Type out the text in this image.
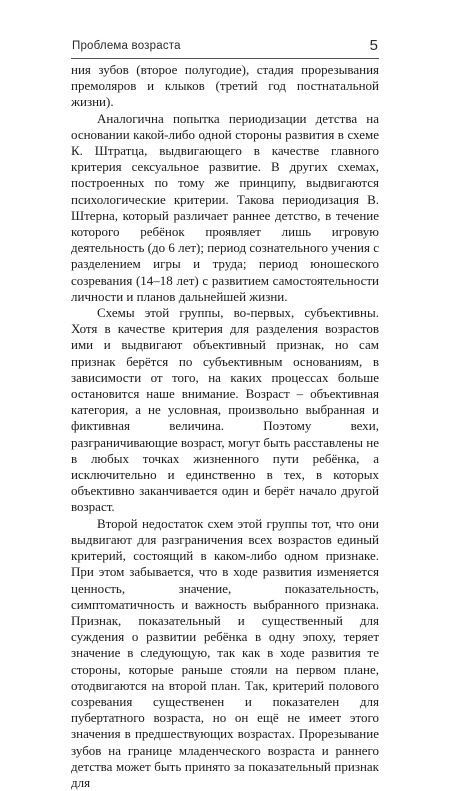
Проблема возраста	5

ния зубов (второе полугодие), стадия прорезывания премоляров и клыков (третий год постнатальной жизни).

Аналогична попытка периодизации детства на основании какой-либо одной стороны развития в схеме К. Штратца, выдвигающего в качестве главного критерия сексуальное развитие. В других схемах, построенных по тому же принципу, выдвигаются психологические критерии. Такова периодизация В. Штерна, который различает раннее детство, в течение которого ребёнок проявляет лишь игровую деятельность (до 6 лет); период сознательного учения с разделением игры и труда; период юношеского созревания (14–18 лет) с развитием самостоятельности личности и планов дальнейшей жизни.

Схемы этой группы, во-первых, субъективны. Хотя в качестве критерия для разделения возрастов ими и выдвигают объективный признак, но сам признак берётся по субъективным основаниям, в зависимости от того, на каких процессах больше остановится наше внимание. Возраст – объективная категория, а не условная, произвольно выбранная и фиктивная величина. Поэтому вехи, разграничивающие возраст, могут быть расставлены не в любых точках жизненного пути ребёнка, а исключительно и единственно в тех, в которых объективно заканчивается один и берёт начало другой возраст.

Второй недостаток схем этой группы тот, что они выдвигают для разграничения всех возрастов единый критерий, состоящий в каком-либо одном признаке. При этом забывается, что в ходе развития изменяется ценность, значение, показательность, симптоматичность и важность выбранного признака. Признак, показательный и существенный для суждения о развитии ребёнка в одну эпоху, теряет значение в следующую, так как в ходе развития те стороны, которые раньше стояли на первом плане, отодвигаются на второй план. Так, критерий полового созревания существенен и показателен для пубертатного возраста, но он ещё не имеет этого значения в предшествующих возрастах. Прорезывание зубов на границе младенческого возраста и раннего детства может быть принято за показательный признак для
